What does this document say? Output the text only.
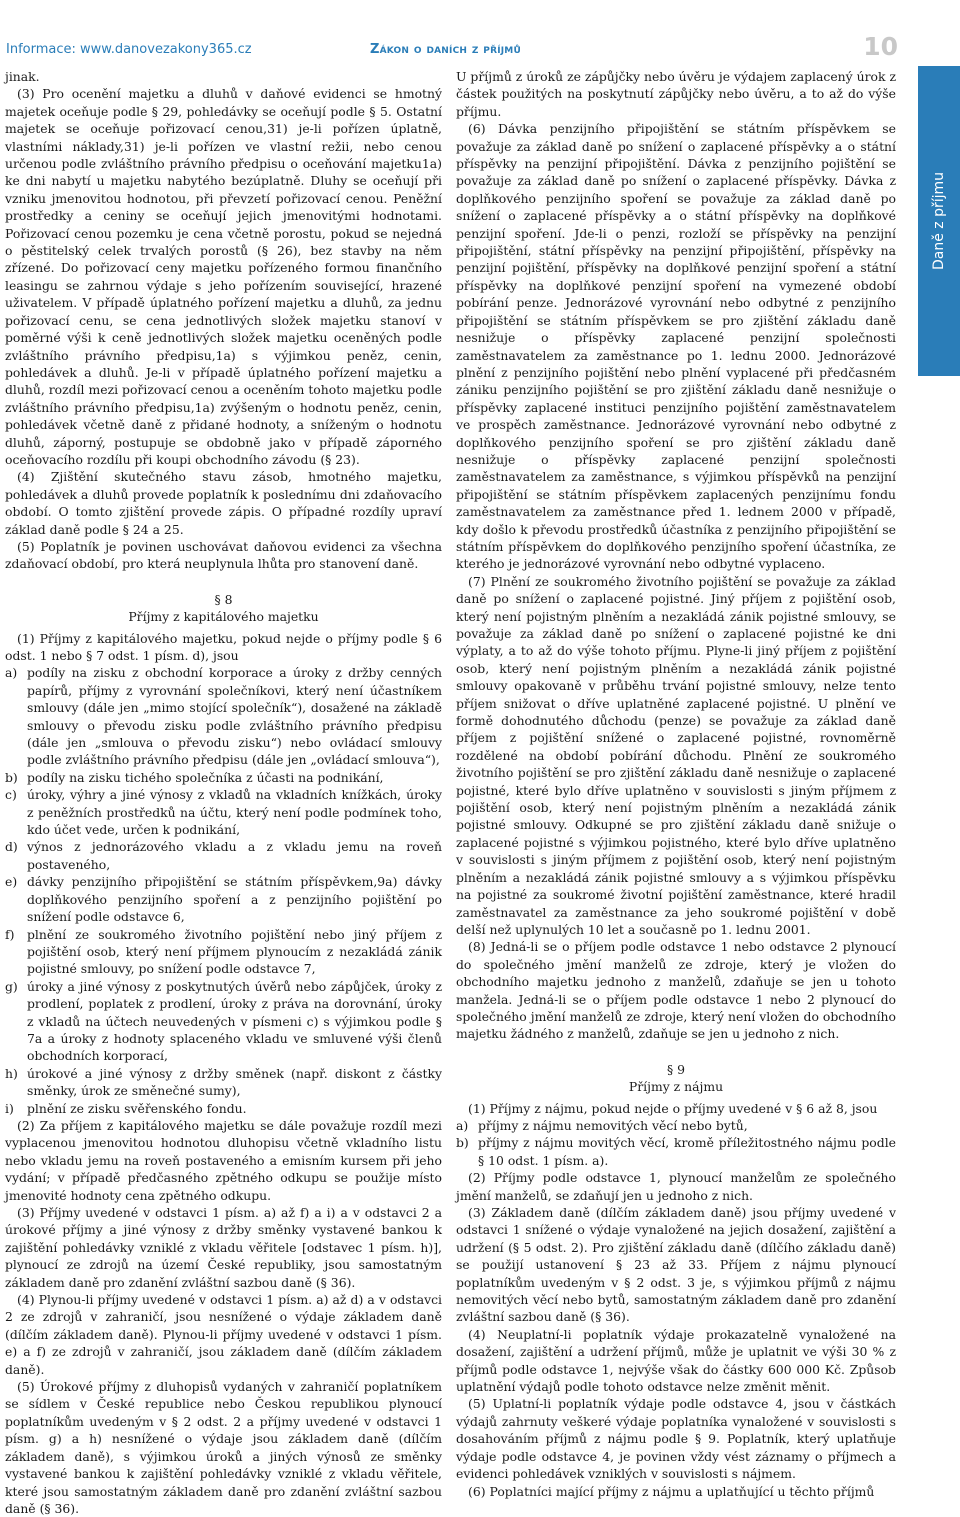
Informace: www.danovezakony365.cz	Zákon o daních z příjmů	10
Daně z příjmu

jinak.

(3) Pro ocenění majetku a dluhů v daňové evidenci se hmotný majetek oceňuje podle § 29, pohledávky se oceňují podle § 5. Ostatní majetek se oceňuje pořizovací cenou,31) je-li pořízen úplatně, vlastními náklady,31) je-li pořízen ve vlastní režii, nebo cenou určenou podle zvláštního právního předpisu o oceňování majetku1a) ke dni nabytí u majetku nabytého bezúplatně. Dluhy se oceňují při vzniku jmenovitou hodnotou, při převzetí pořizovací cenou. Peněžní prostředky a ceniny se oceňují jejich jmenovitými hodnotami. Pořizovací cenou pozemku je cena včetně porostu, pokud se nejedná o pěstitelský celek trvalých porostů (§ 26), bez stavby na něm zřízené. Do pořizovací ceny majetku pořízeného formou finančního leasingu se zahrnou výdaje s jeho pořízením související, hrazené uživatelem. V případě úplatného pořízení majetku a dluhů, za jednu pořizovací cenu, se cena jednotlivých složek majetku stanoví v poměrné výši k ceně jednotlivých složek majetku oceněných podle zvláštního právního předpisu,1a) s výjimkou peněz, cenin, pohledávek a dluhů. Je-li v případě úplatného pořízení majetku a dluhů, rozdíl mezi pořizovací cenou a oceněním tohoto majetku podle zvláštního právního předpisu,1a) zvýšeným o hodnotu peněz, cenin, pohledávek včetně daně z přidané hodnoty, a sníženým o hodnotu dluhů, záporný, postupuje se obdobně jako v případě záporného oceňovacího rozdílu při koupi obchodního závodu (§ 23).

(4) Zjištění skutečného stavu zásob, hmotného majetku, pohledávek a dluhů provede poplatník k poslednímu dni zdaňovacího období. O tomto zjištění provede zápis. O případné rozdíly upraví základ daně podle § 24 a 25.

(5) Poplatník je povinen uschovávat daňovou evidenci za všechna zdaňovací období, pro která neuplynula lhůta pro stanovení daně.

§ 8
Příjmy z kapitálového majetku

(1) Příjmy z kapitálového majetku, pokud nejde o příjmy podle § 6 odst. 1 nebo § 7 odst. 1 písm. d), jsou

a) podíly na zisku z obchodní korporace a úroky z držby cenných papírů, příjmy z vyrovnání společníkovi, který není účastníkem smlouvy (dále jen „mimo stojící společník“), dosažené na základě smlouvy o převodu zisku podle zvláštního právního předpisu (dále jen „smlouva o převodu zisku“) nebo ovládací smlouvy podle zvláštního právního předpisu (dále jen „ovládací smlouva“),
b) podíly na zisku tichého společníka z účasti na podnikání,
c) úroky, výhry a jiné výnosy z vkladů na vkladních knížkách, úroky z peněžních prostředků na účtu, který není podle podmínek toho, kdo účet vede, určen k podnikání,
d) výnos z jednorázového vkladu a z vkladu jemu na roveň postaveného,
e) dávky penzijního připojištění se státním příspěvkem,9a) dávky doplňkového penzijního spoření a z penzijního pojištění po snížení podle odstavce 6,
f)	plnění ze soukromého životního pojištění nebo jiný příjem z pojištění osob, který není příjmem plynoucím z nezakládá zánik pojistné smlouvy, po snížení podle odstavce 7,
g) úroky a jiné výnosy z poskytnutých úvěrů nebo zápůjček, úroky z prodlení, poplatek z prodlení, úroky z práva na dorovnání, úroky z vkladů na účtech neuvedených v písmeni c) s výjimkou podle § 7a a úroky z hodnoty splaceného vkladu ve smluvené výši členů obchodních korporací,
h) úrokové a jiné výnosy z držby směnek (např. diskont z částky směnky, úrok ze směnečné sumy),
i)	plnění ze zisku svěřenského fondu.

(2) Za příjem z kapitálového majetku se dále považuje rozdíl mezi vyplacenou jmenovitou hodnotou dluhopisu včetně vkladního listu nebo vkladu jemu na roveň postaveného a emisním kursem při jeho vydání; v případě předčasného zpětného odkupu se použije místo jmenovité hodnoty cena zpětného odkupu.

(3) Příjmy uvedené v odstavci 1 písm. a) až f) a i) a v odstavci 2 a úrokové příjmy a jiné výnosy z držby směnky vystavené bankou k zajištění pohledávky vzniklé z vkladu věřitele [odstavec 1 písm. h)], plynoucí ze zdrojů na území České republiky, jsou samostatným základem daně pro zdanění zvláštní sazbou daně (§ 36).

(4) Plynou-li příjmy uvedené v odstavci 1 písm. a) až d) a v odstavci 2 ze zdrojů v zahraničí, jsou nesnížené o výdaje základem daně (dílčím základem daně). Plynou-li příjmy uvedené v odstavci 1 písm. e) a f) ze zdrojů v zahraničí, jsou základem daně (dílčím základem daně).

(5) Úrokové příjmy z dluhopisů vydaných v zahraničí poplatníkem se sídlem v České republice nebo Českou republikou plynoucí poplatníkům uvedeným v § 2 odst. 2 a příjmy uvedené v odstavci 1 písm. g) a h) nesnížené o výdaje jsou základem daně (dílčím základem daně), s výjimkou úroků a jiných výnosů ze směnky vystavené bankou k zajištění pohledávky vzniklé z vkladu věřitele, které jsou samostatným základem daně pro zdanění zvláštní sazbou daně (§ 36).

U příjmů z úroků ze zápůjčky nebo úvěru je výdajem zaplacený úrok z částek použitých na poskytnutí zápůjčky nebo úvěru, a to až do výše příjmu.

(6) Dávka penzijního připojištění se státním příspěvkem se považuje za základ daně po snížení o zaplacené příspěvky a o státní příspěvky na penzijní připojištění. Dávka z penzijního pojištění se považuje za základ daně po snížení o zaplacené příspěvky. Dávka z doplňkového penzijního spoření se považuje za základ daně po snížení o zaplacené příspěvky a o státní příspěvky na doplňkové penzijní spoření. Jde-li o penzi, rozloží se příspěvky na penzijní připojištění, státní příspěvky na penzijní připojištění, příspěvky na penzijní pojištění, příspěvky na doplňkové penzijní spoření a státní příspěvky na doplňkové penzijní spoření na vymezené období pobírání penze. Jednorázové vyrovnání nebo odbytné z penzijního připojištění se státním příspěvkem se pro zjištění základu daně nesnižuje o příspěvky zaplacené penzijní společnosti zaměstnavatelem za zaměstnance po 1. lednu 2000. Jednorázové plnění z penzijního pojištění nebo plnění vyplacené při předčasném zániku penzijního pojištění se pro zjištění základu daně nesnižuje o příspěvky zaplacené instituci penzijního pojištění zaměstnavatelem ve prospěch zaměstnance. Jednorázové vyrovnání nebo odbytné z doplňkového penzijního spoření se pro zjištění základu daně nesnižuje o příspěvky zaplacené penzijní společnosti zaměstnavatelem za zaměstnance, s výjimkou příspěvků na penzijní připojištění se státním příspěvkem zaplacených penzijnímu fondu zaměstnavatelem za zaměstnance před 1. lednem 2000 v případě, kdy došlo k převodu prostředků účastníka z penzijního připojištění se státním příspěvkem do doplňkového penzijního spoření účastníka, ze kterého je jednorázové vyrovnání nebo odbytné vyplaceno.

(7) Plnění ze soukromého životního pojištění se považuje za základ daně po snížení o zaplacené pojistné. Jiný příjem z pojištění osob, který není pojistným plněním a nezakládá zánik pojistné smlouvy, se považuje za základ daně po snížení o zaplacené pojistné ke dni výplaty, a to až do výše tohoto příjmu. Plyne-li jiný příjem z pojištění osob, který není pojistným plněním a nezakládá zánik pojistné smlouvy opakovaně v průběhu trvání pojistné smlouvy, nelze tento příjem snižovat o dříve uplatněné zaplacené pojistné. U plnění ve formě dohodnutého důchodu (penze) se považuje za základ daně příjem z pojištění snížené o zaplacené pojistné, rovnoměrně rozdělené na období pobírání důchodu. Plnění ze soukromého životního pojištění se pro zjištění základu daně nesnižuje o zaplacené pojistné, které bylo dříve uplatněno v souvislosti s jiným příjmem z pojištění osob, který není pojistným plněním a nezakládá zánik pojistné smlouvy. Odkupné se pro zjištění základu daně snižuje o zaplacené pojistné s výjimkou pojistného, které bylo dříve uplatněno v souvislosti s jiným příjmem z pojištění osob, který není pojistným plněním a nezakládá zánik pojistné smlouvy a s výjimkou příspěvku na pojistné za soukromé životní pojištění zaměstnance, které hradil zaměstnavatel za zaměstnance za jeho soukromé pojištění v době delší než uplynulých 10 let a současně po 1. lednu 2001.

(8) Jedná-li se o příjem podle odstavce 1 nebo odstavce 2 plynoucí do společného jmění manželů ze zdroje, který je vložen do obchodního majetku jednoho z manželů, zdaňuje se jen u tohoto manžela. Jedná-li se o příjem podle odstavce 1 nebo 2 plynoucí do společného jmění manželů ze zdroje, který není vložen do obchodního majetku žádného z manželů, zdaňuje se jen u jednoho z nich.

§ 9
Příjmy z nájmu

(1) Příjmy z nájmu, pokud nejde o příjmy uvedené v § 6 až 8, jsou

a) příjmy z nájmu nemovitých věcí nebo bytů,
b) příjmy z nájmu movitých věcí, kromě příležitostného nájmu podle § 10 odst. 1 písm. a).

(2) Příjmy podle odstavce 1, plynoucí manželům ze společného jmění manželů, se zdaňují jen u jednoho z nich.

(3) Základem daně (dílčím základem daně) jsou příjmy uvedené v odstavci 1 snížené o výdaje vynaložené na jejich dosažení, zajištění a udržení (§ 5 odst. 2). Pro zjištění základu daně (dílčího základu daně) se použijí ustanovení § 23 až 33. Příjem z nájmu plynoucí poplatníkům uvedeným v § 2 odst. 3 je, s výjimkou příjmů z nájmu nemovitých věcí nebo bytů, samostatným základem daně pro zdanění zvláštní sazbou daně (§ 36).

(4) Neuplatní-li poplatník výdaje prokazatelně vynaložené na dosažení, zajištění a udržení příjmů, může je uplatnit ve výši 30 % z příjmů podle odstavce 1, nejvýše však do částky 600 000 Kč. Způsob uplatnění výdajů podle tohoto odstavce nelze změnit měnit.

(5) Uplatní-li poplatník výdaje podle odstavce 4, jsou v částkách výdajů zahrnuty veškeré výdaje poplatníka vynaložené v souvislosti s dosahováním příjmů z nájmu podle § 9. Poplatník, který uplatňuje výdaje podle odstavce 4, je povinen vždy vést záznamy o příjmech a evidenci pohledávek vzniklých v souvislosti s nájmem.

(6) Poplatníci mající příjmy z nájmu a uplatňující u těchto příjmů
